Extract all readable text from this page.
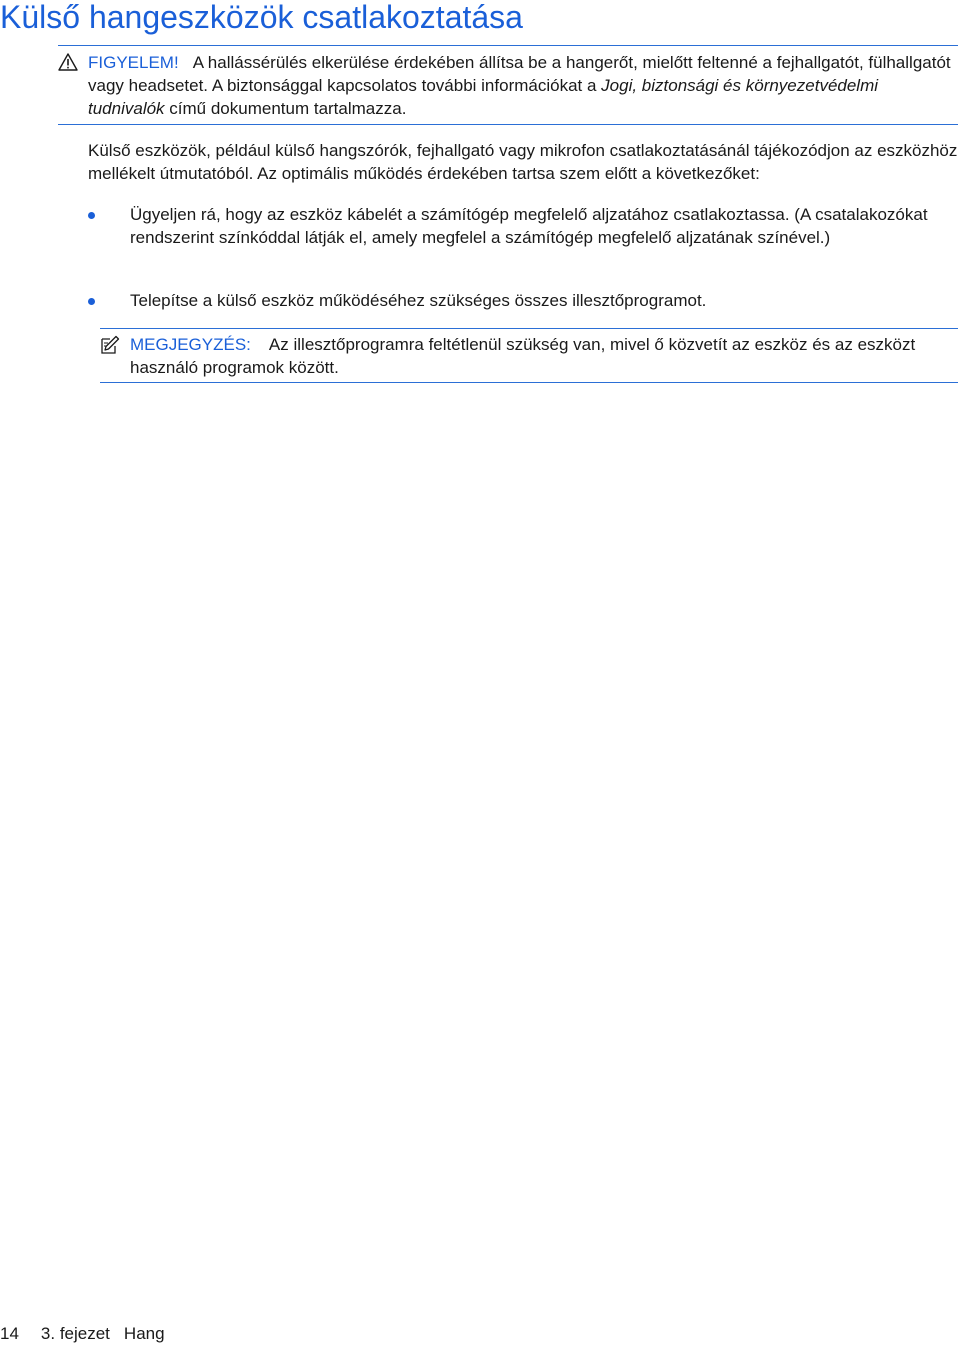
Külső hangeszközök csatlakoztatása
FIGYELEM! A hallássérülés elkerülése érdekében állítsa be a hangerőt, mielőtt feltenné a fejhallgatót, fülhallgatót vagy headsetet. A biztonsággal kapcsolatos további információkat a Jogi, biztonsági és környezetvédelmi tudnivalók című dokumentum tartalmazza.

Külső eszközök, például külső hangszórók, fejhallgató vagy mikrofon csatlakoztatásánál tájékozódjon az eszközhöz mellékelt útmutatóból. Az optimális működés érdekében tartsa szem előtt a következőket:

Ügyeljen rá, hogy az eszköz kábelét a számítógép megfelelő aljzatához csatlakoztassa. (A csatalakozókat rendszerint színkóddal látják el, amely megfelel a számítógép megfelelő aljzatának színével.)
Telepítse a külső eszköz működéséhez szükséges összes illesztőprogramot.
MEGJEGYZÉS: Az illesztőprogramra feltétlenül szükség van, mivel ő közvetít az eszköz és az eszközt használó programok között.
14 3. fejezet Hang
